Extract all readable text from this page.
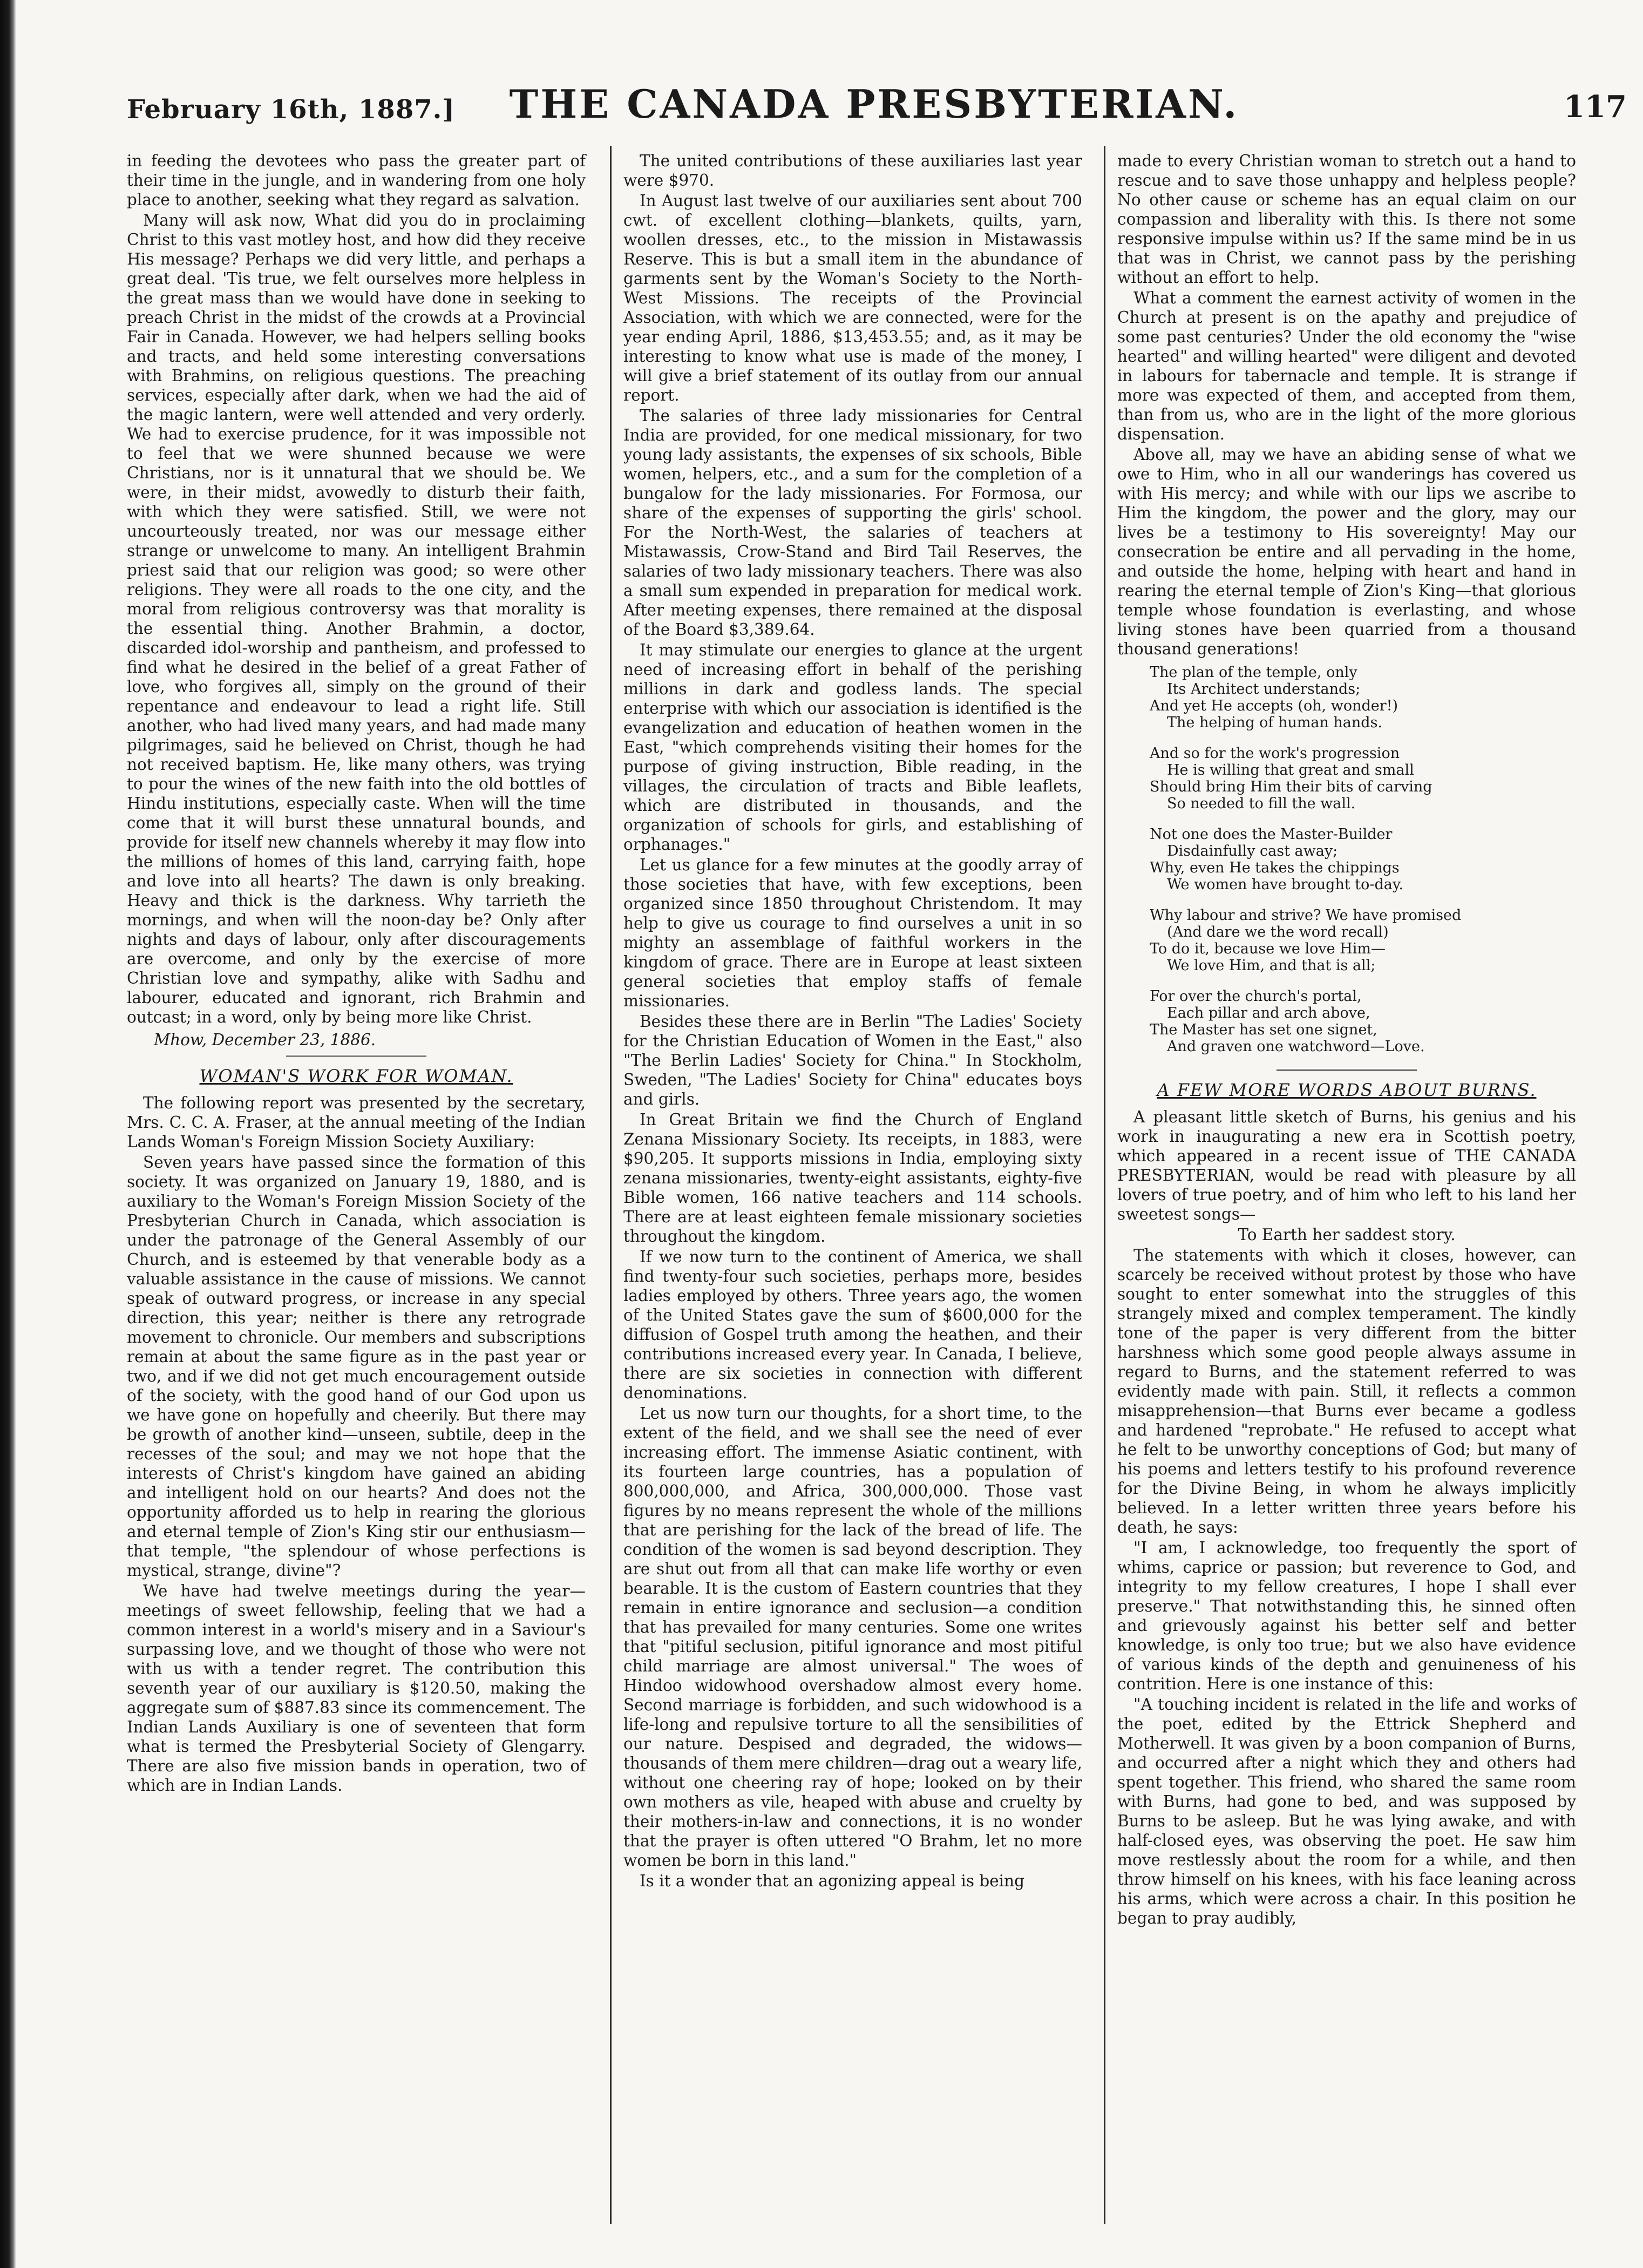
February 16th, 1887.]	THE CANADA PRESBYTERIAN.	117

in feeding the devotees who pass the greater part of their time in the jungle, and in wandering from one holy place to another, seeking what they regard as salvation.

Many will ask now, What did you do in proclaiming Christ to this vast motley host, and how did they receive His message? Perhaps we did very little, and perhaps a great deal. 'Tis true, we felt ourselves more helpless in the great mass than we would have done in seeking to preach Christ in the midst of the crowds at a Provincial Fair in Canada. However, we had helpers selling books and tracts, and held some interesting conversations with Brahmins, on religious questions. The preaching services, especially after dark, when we had the aid of the magic lantern, were well attended and very orderly. We had to exercise prudence, for it was impossible not to feel that we were shunned because we were Christians, nor is it unnatural that we should be. We were, in their midst, avowedly to disturb their faith, with which they were satisfied. Still, we were not uncourteously treated, nor was our message either strange or unwelcome to many. An intelligent Brahmin priest said that our religion was good; so were other religions. They were all roads to the one city, and the moral from religious controversy was that morality is the essential thing. Another Brahmin, a doctor, discarded idol-worship and pantheism, and professed to find what he desired in the belief of a great Father of love, who forgives all, simply on the ground of their repentance and endeavour to lead a right life. Still another, who had lived many years, and had made many pilgrimages, said he believed on Christ, though he had not received baptism. He, like many others, was trying to pour the wines of the new faith into the old bottles of Hindu institutions, especially caste. When will the time come that it will burst these unnatural bounds, and provide for itself new channels whereby it may flow into the millions of homes of this land, carrying faith, hope and love into all hearts? The dawn is only breaking. Heavy and thick is the darkness. Why tarrieth the mornings, and when will the noon-day be? Only after nights and days of labour, only after discouragements are overcome, and only by the exercise of more Christian love and sympathy, alike with Sadhu and labourer, educated and ignorant, rich Brahmin and outcast; in a word, only by being more like Christ.

Mhow, December 23, 1886.
WOMAN'S WORK FOR WOMAN.

The following report was presented by the secretary, Mrs. C. C. A. Fraser, at the annual meeting of the Indian Lands Woman's Foreign Mission Society Auxiliary:

Seven years have passed since the formation of this society. It was organized on January 19, 1880, and is auxiliary to the Woman's Foreign Mission Society of the Presbyterian Church in Canada, which association is under the patronage of the General Assembly of our Church, and is esteemed by that venerable body as a valuable assistance in the cause of missions. We cannot speak of outward progress, or increase in any special direction, this year; neither is there any retrograde movement to chronicle. Our members and subscriptions remain at about the same figure as in the past year or two, and if we did not get much encouragement outside of the society, with the good hand of our God upon us we have gone on hopefully and cheerily. But there may be growth of another kind—unseen, subtile, deep in the recesses of the soul; and may we not hope that the interests of Christ's kingdom have gained an abiding and intelligent hold on our hearts? And does not the opportunity afforded us to help in rearing the glorious and eternal temple of Zion's King stir our enthusiasm—that temple, "the splendour of whose perfections is mystical, strange, divine"?

We have had twelve meetings during the year—meetings of sweet fellowship, feeling that we had a common interest in a world's misery and in a Saviour's surpassing love, and we thought of those who were not with us with a tender regret. The contribution this seventh year of our auxiliary is $120.50, making the aggregate sum of $887.83 since its commencement. The Indian Lands Auxiliary is one of seventeen that form what is termed the Presbyterial Society of Glengarry. There are also five mission bands in operation, two of which are in Indian Lands.

The united contributions of these auxiliaries last year were $970.

In August last twelve of our auxiliaries sent about 700 cwt. of excellent clothing—blankets, quilts, yarn, woollen dresses, etc., to the mission in Mistawassis Reserve. This is but a small item in the abundance of garments sent by the Woman's Society to the North-West Missions. The receipts of the Provincial Association, with which we are connected, were for the year ending April, 1886, $13,453.55; and, as it may be interesting to know what use is made of the money, I will give a brief statement of its outlay from our annual report.

The salaries of three lady missionaries for Central India are provided, for one medical missionary, for two young lady assistants, the expenses of six schools, Bible women, helpers, etc., and a sum for the completion of a bungalow for the lady missionaries. For Formosa, our share of the expenses of supporting the girls' school. For the North-West, the salaries of teachers at Mistawassis, Crow-Stand and Bird Tail Reserves, the salaries of two lady missionary teachers. There was also a small sum expended in preparation for medical work. After meeting expenses, there remained at the disposal of the Board $3,389.64.

It may stimulate our energies to glance at the urgent need of increasing effort in behalf of the perishing millions in dark and godless lands. The special enterprise with which our association is identified is the evangelization and education of heathen women in the East, "which comprehends visiting their homes for the purpose of giving instruction, Bible reading, in the villages, the circulation of tracts and Bible leaflets, which are distributed in thousands, and the organization of schools for girls, and establishing of orphanages."

Let us glance for a few minutes at the goodly array of those societies that have, with few exceptions, been organized since 1850 throughout Christendom. It may help to give us courage to find ourselves a unit in so mighty an assemblage of faithful workers in the kingdom of grace. There are in Europe at least sixteen general societies that employ staffs of female missionaries.

Besides these there are in Berlin "The Ladies' Society for the Christian Education of Women in the East," also "The Berlin Ladies' Society for China." In Stockholm, Sweden, "The Ladies' Society for China" educates boys and girls.

In Great Britain we find the Church of England Zenana Missionary Society. Its receipts, in 1883, were $90,205. It supports missions in India, employing sixty zenana missionaries, twenty-eight assistants, eighty-five Bible women, 166 native teachers and 114 schools. There are at least eighteen female missionary societies throughout the kingdom.

If we now turn to the continent of America, we shall find twenty-four such societies, perhaps more, besides ladies employed by others. Three years ago, the women of the United States gave the sum of $600,000 for the diffusion of Gospel truth among the heathen, and their contributions increased every year. In Canada, I believe, there are six societies in connection with different denominations.

Let us now turn our thoughts, for a short time, to the extent of the field, and we shall see the need of ever increasing effort. The immense Asiatic continent, with its fourteen large countries, has a population of 800,000,000, and Africa, 300,000,000. Those vast figures by no means represent the whole of the millions that are perishing for the lack of the bread of life. The condition of the women is sad beyond description. They are shut out from all that can make life worthy or even bearable. It is the custom of Eastern countries that they remain in entire ignorance and seclusion—a condition that has prevailed for many centuries. Some one writes that "pitiful seclusion, pitiful ignorance and most pitiful child marriage are almost universal." The woes of Hindoo widowhood overshadow almost every home. Second marriage is forbidden, and such widowhood is a life-long and repulsive torture to all the sensibilities of our nature. Despised and degraded, the widows—thousands of them mere children—drag out a weary life, without one cheering ray of hope; looked on by their own mothers as vile, heaped with abuse and cruelty by their mothers-in-law and connections, it is no wonder that the prayer is often uttered "O Brahm, let no more women be born in this land."

Is it a wonder that an agonizing appeal is being

made to every Christian woman to stretch out a hand to rescue and to save those unhappy and helpless people? No other cause or scheme has an equal claim on our compassion and liberality with this. Is there not some responsive impulse within us? If the same mind be in us that was in Christ, we cannot pass by the perishing without an effort to help.

What a comment the earnest activity of women in the Church at present is on the apathy and prejudice of some past centuries? Under the old economy the "wise hearted" and willing hearted" were diligent and devoted in labours for tabernacle and temple. It is strange if more was expected of them, and accepted from them, than from us, who are in the light of the more glorious dispensation.

Above all, may we have an abiding sense of what we owe to Him, who in all our wanderings has covered us with His mercy; and while with our lips we ascribe to Him the kingdom, the power and the glory, may our lives be a testimony to His sovereignty! May our consecration be entire and all pervading in the home, and outside the home, helping with heart and hand in rearing the eternal temple of Zion's King—that glorious temple whose foundation is everlasting, and whose living stones have been quarried from a thousand thousand generations!

The plan of the temple, only
Its Architect understands;
And yet He accepts (oh, wonder!)
The helping of human hands.
And so for the work's progression
He is willing that great and small
Should bring Him their bits of carving
So needed to fill the wall.
Not one does the Master-Builder
Disdainfully cast away;
Why, even He takes the chippings
We women have brought to-day.
Why labour and strive? We have promised
(And dare we the word recall)
To do it, because we love Him—
We love Him, and that is all;
For over the church's portal,
Each pillar and arch above,
The Master has set one signet,
And graven one watchword—Love.
A FEW MORE WORDS ABOUT BURNS.

A pleasant little sketch of Burns, his genius and his work in inaugurating a new era in Scottish poetry, which appeared in a recent issue of THE CANADA PRESBYTERIAN, would be read with pleasure by all lovers of true poetry, and of him who left to his land her sweetest songs—

To Earth her saddest story.

The statements with which it closes, however, can scarcely be received without protest by those who have sought to enter somewhat into the struggles of this strangely mixed and complex temperament. The kindly tone of the paper is very different from the bitter harshness which some good people always assume in regard to Burns, and the statement referred to was evidently made with pain. Still, it reflects a common misapprehension—that Burns ever became a godless and hardened "reprobate." He refused to accept what he felt to be unworthy conceptions of God; but many of his poems and letters testify to his profound reverence for the Divine Being, in whom he always implicitly believed. In a letter written three years before his death, he says:

"I am, I acknowledge, too frequently the sport of whims, caprice or passion; but reverence to God, and integrity to my fellow creatures, I hope I shall ever preserve." That notwithstanding this, he sinned often and grievously against his better self and better knowledge, is only too true; but we also have evidence of various kinds of the depth and genuineness of his contrition. Here is one instance of this:

"A touching incident is related in the life and works of the poet, edited by the Ettrick Shepherd and Motherwell. It was given by a boon companion of Burns, and occurred after a night which they and others had spent together. This friend, who shared the same room with Burns, had gone to bed, and was supposed by Burns to be asleep. But he was lying awake, and with half-closed eyes, was observing the poet. He saw him move restlessly about the room for a while, and then throw himself on his knees, with his face leaning across his arms, which were across a chair. In this position he began to pray audibly,
